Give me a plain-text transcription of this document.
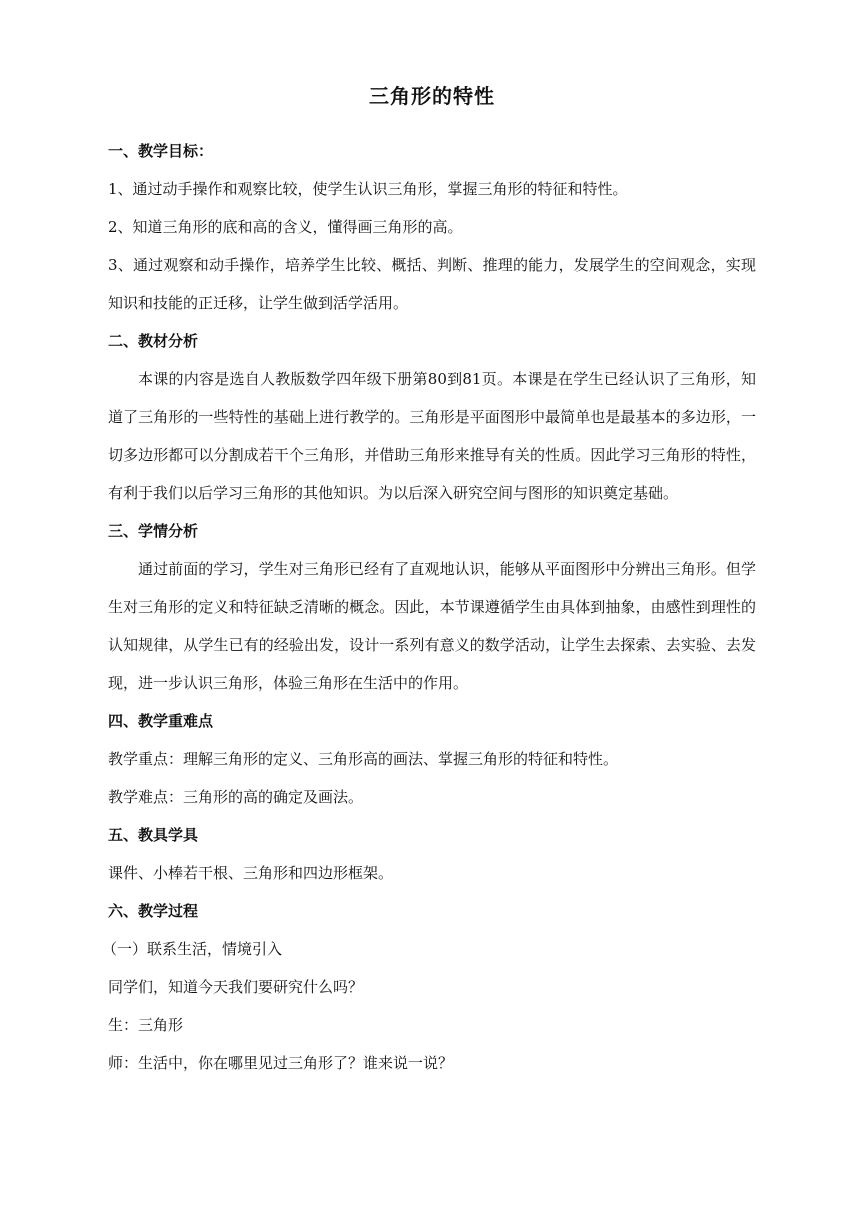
三角形的特性
一、教学目标：

1、通过动手操作和观察比较，使学生认识三角形，掌握三角形的特征和特性。

2、知道三角形的底和高的含义，懂得画三角形的高。

3、通过观察和动手操作，培养学生比较、概括、判断、推理的能力，发展学生的空间观念，实现知识和技能的正迁移，让学生做到活学活用。

二、教材分析

本课的内容是选自人教版数学四年级下册第80到81页。本课是在学生已经认识了三角形，知道了三角形的一些特性的基础上进行教学的。三角形是平面图形中最简单也是最基本的多边形，一切多边形都可以分割成若干个三角形，并借助三角形来推导有关的性质。因此学习三角形的特性，有利于我们以后学习三角形的其他知识。为以后深入研究空间与图形的知识奠定基础。

三、学情分析

通过前面的学习，学生对三角形已经有了直观地认识，能够从平面图形中分辨出三角形。但学生对三角形的定义和特征缺乏清晰的概念。因此，本节课遵循学生由具体到抽象，由感性到理性的认知规律，从学生已有的经验出发，设计一系列有意义的数学活动，让学生去探索、去实验、去发现，进一步认识三角形，体验三角形在生活中的作用。

四、教学重难点

教学重点：理解三角形的定义、三角形高的画法、掌握三角形的特征和特性。

教学难点：三角形的高的确定及画法。

五、教具学具

课件、小棒若干根、三角形和四边形框架。

六、教学过程

（一）联系生活，情境引入

同学们，知道今天我们要研究什么吗？

生：三角形

师：生活中，你在哪里见过三角形了？谁来说一说？
